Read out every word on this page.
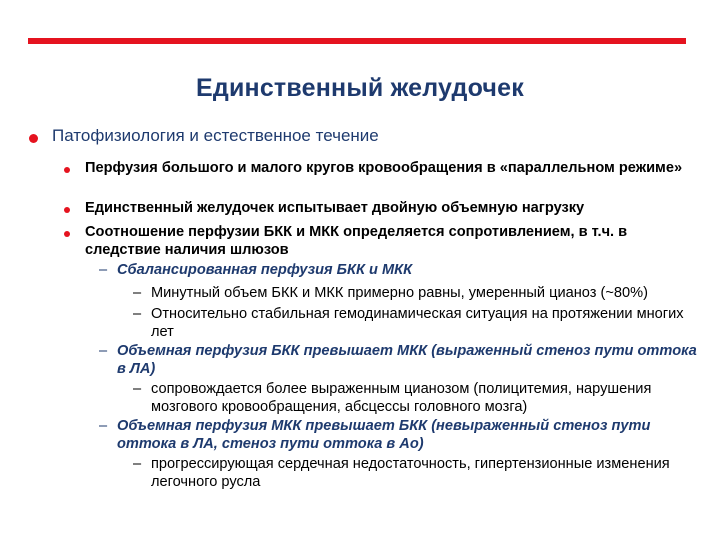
Единственный желудочек
Патофизиология и естественное течение
Перфузия большого и малого кругов кровообращения в «параллельном режиме»
Единственный желудочек испытывает двойную объемную нагрузку
Соотношение перфузии БКК и МКК определяется сопротивлением, в т.ч. в следствие наличия шлюзов
– Сбалансированная перфузия БКК и МКК
– Минутный объем БКК и МКК примерно равны, умеренный цианоз (~80%)
– Относительно стабильная гемодинамическая ситуация на протяжении многих лет
– Объемная перфузия БКК превышает МКК (выраженный стеноз пути оттока в ЛА)
– сопровождается более выраженным цианозом (полицитемия, нарушения мозгового кровообращения, абсцессы головного мозга)
– Объемная перфузия МКК превышает БКК (невыраженный стеноз пути оттока в ЛА, стеноз пути оттока в Ao)
– прогрессирующая сердечная недостаточность, гипертензионные изменения легочного русла
